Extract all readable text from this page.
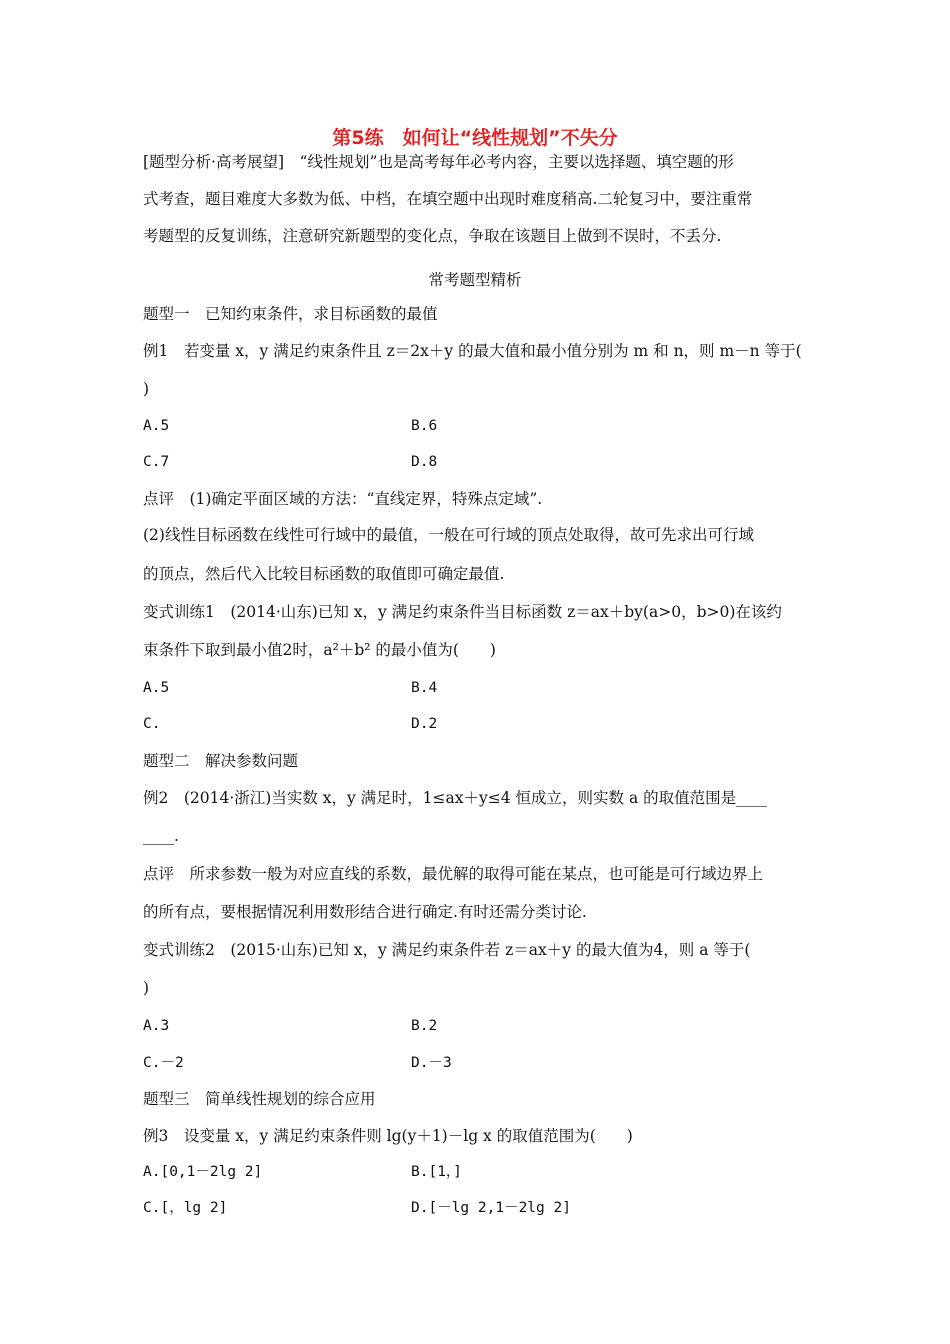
第5练　如何让“线性规划”不失分
[题型分析·高考展望]　“线性规划”也是高考每年必考内容，主要以选择题、填空题的形
式考查，题目难度大多数为低、中档，在填空题中出现时难度稍高.二轮复习中，要注重常
考题型的反复训练，注意研究新题型的变化点，争取在该题目上做到不误时，不丢分.
常考题型精析
题型一　已知约束条件，求目标函数的最值
例1　若变量 x，y 满足约束条件且 z＝2x＋y 的最大值和最小值分别为 m 和 n，则 m－n 等于(
)
A.5	B.6
C.7	D.8
点评　(1)确定平面区域的方法：“直线定界，特殊点定域”.
(2)线性目标函数在线性可行域中的最值，一般在可行域的顶点处取得，故可先求出可行域
的顶点，然后代入比较目标函数的取值即可确定最值.
变式训练1　(2014·山东)已知 x，y 满足约束条件当目标函数 z＝ax＋by(a>0，b>0)在该约
束条件下取到最小值2时，a²＋b² 的最小值为(　　)
A.5	B.4
C.	D.2
题型二　解决参数问题
例2　(2014·浙江)当实数 x，y 满足时，1≤ax＋y≤4 恒成立，则实数 a 的取值范围是____
____.
点评　所求参数一般为对应直线的系数，最优解的取得可能在某点，也可能是可行域边界上
的所有点，要根据情况利用数形结合进行确定.有时还需分类讨论.
变式训练2　(2015·山东)已知 x，y 满足约束条件若 z＝ax＋y 的最大值为4，则 a 等于(
)
A.3	B.2
C.－2	D.－3
题型三　简单线性规划的综合应用
例3　设变量 x，y 满足约束条件则 lg(y＋1)－lg x 的取值范围为(　　)
A.[0,1－2lg 2]	B.[1，]
C.[，lg 2]	D.[－lg 2,1－2lg 2]
